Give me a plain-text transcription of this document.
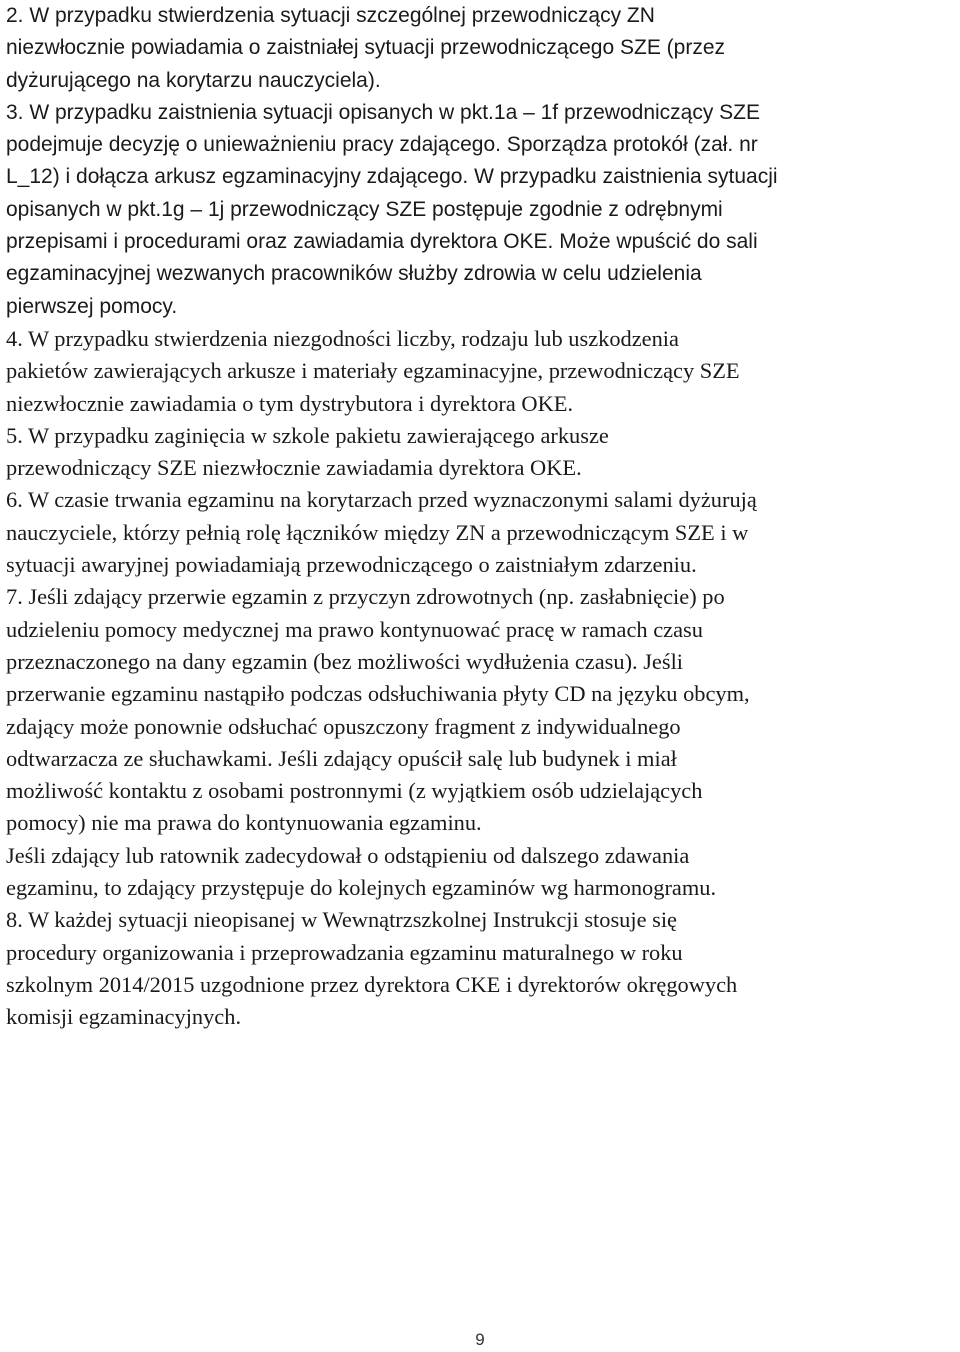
2. W przypadku stwierdzenia sytuacji szczególnej przewodniczący ZN
niezwłocznie powiadamia o zaistniałej sytuacji przewodniczącego SZE (przez
dyżurującego na korytarzu nauczyciela).
3. W przypadku zaistnienia sytuacji opisanych w pkt.1a – 1f przewodniczący SZE
podejmuje decyzję o unieważnieniu pracy zdającego. Sporządza protokół (zał. nr
L_12) i dołącza arkusz egzaminacyjny zdającego. W przypadku zaistnienia sytuacji
opisanych w pkt.1g – 1j przewodniczący SZE postępuje zgodnie z odrębnymi
przepisami i procedurami oraz zawiadamia dyrektora OKE. Może wpuścić do sali
egzaminacyjnej wezwanych pracowników służby zdrowia w celu udzielenia
pierwszej pomocy.
4. W przypadku stwierdzenia niezgodności liczby, rodzaju lub uszkodzenia
pakietów zawierających arkusze i materiały egzaminacyjne, przewodniczący SZE
niezwłocznie zawiadamia o tym dystrybutora i dyrektora OKE.
5. W przypadku zaginięcia w szkole pakietu zawierającego arkusze
przewodniczący SZE niezwłocznie zawiadamia dyrektora OKE.
6. W czasie trwania egzaminu na korytarzach przed wyznaczonymi salami dyżurują
nauczyciele, którzy pełnią rolę łączników między ZN a przewodniczącym SZE i w
sytuacji awaryjnej powiadamiają przewodniczącego o zaistniałym zdarzeniu.
7. Jeśli zdający przerwie egzamin z przyczyn zdrowotnych (np. zasłabnięcie) po
udzieleniu pomocy medycznej ma prawo kontynuować pracę w ramach czasu
przeznaczonego na dany egzamin (bez możliwości wydłużenia czasu). Jeśli
przerwanie egzaminu nastąpiło podczas odsłuchiwania płyty CD na języku obcym,
zdający może ponownie odsłuchać opuszczony fragment z indywidualnego
odtwarzacza ze słuchawkami. Jeśli zdający opuścił salę lub budynek i miał
możliwość kontaktu z osobami postronnymi (z wyjątkiem osób udzielających
pomocy) nie ma prawa do kontynuowania egzaminu.
Jeśli zdający lub ratownik zadecydował o odstąpieniu od dalszego zdawania
egzaminu, to zdający przystępuje do kolejnych egzaminów wg harmonogramu.
8. W każdej sytuacji nieopisanej w Wewnątrzszkolnej Instrukcji stosuje się
procedury organizowania i przeprowadzania egzaminu maturalnego w roku
szkolnym 2014/2015 uzgodnione przez dyrektora CKE i dyrektorów okręgowych
komisji egzaminacyjnych.
9
